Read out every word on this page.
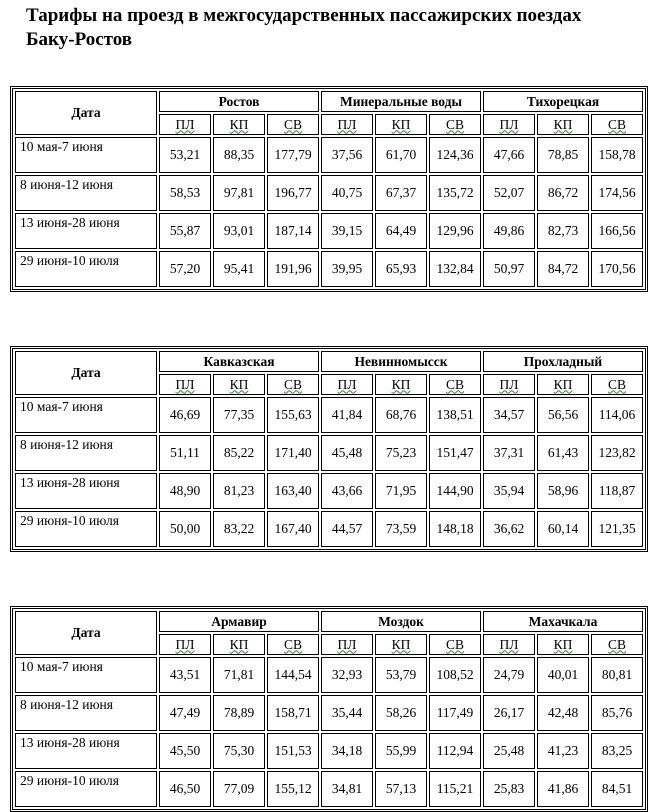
Тарифы на проезд в межгосударственных пассажирских поездах Баку-Ростов
Дата	Ростов			Минеральные воды			Тихорецкая		
	ПЛ	КП	СВ	ПЛ	КП	СВ	ПЛ	КП	СВ
10 мая-7 июня	53,21	88,35	177,79	37,56	61,70	124,36	47,66	78,85	158,78
8 июня-12 июня	58,53	97,81	196,77	40,75	67,37	135,72	52,07	86,72	174,56
13 июня-28 июня	55,87	93,01	187,14	39,15	64,49	129,96	49,86	82,73	166,56
29 июня-10 июля	57,20	95,41	191,96	39,95	65,93	132,84	50,97	84,72	170,56
Дата	Кавказская			Невинномысск			Прохладный		
	ПЛ	КП	СВ	ПЛ	КП	СВ	ПЛ	КП	СВ
10 мая-7 июня	46,69	77,35	155,63	41,84	68,76	138,51	34,57	56,56	114,06
8 июня-12 июня	51,11	85,22	171,40	45,48	75,23	151,47	37,31	61,43	123,82
13 июня-28 июня	48,90	81,23	163,40	43,66	71,95	144,90	35,94	58,96	118,87
29 июня-10 июля	50,00	83,22	167,40	44,57	73,59	148,18	36,62	60,14	121,35
Дата	Армавир			Моздок			Махачкала		
	ПЛ	КП	СВ	ПЛ	КП	СВ	ПЛ	КП	СВ
10 мая-7 июня	43,51	71,81	144,54	32,93	53,79	108,52	24,79	40,01	80,81
8 июня-12 июня	47,49	78,89	158,71	35,44	58,26	117,49	26,17	42,48	85,76
13 июня-28 июня	45,50	75,30	151,53	34,18	55,99	112,94	25,48	41,23	83,25
29 июня-10 июля	46,50	77,09	155,12	34,81	57,13	115,21	25,83	41,86	84,51
